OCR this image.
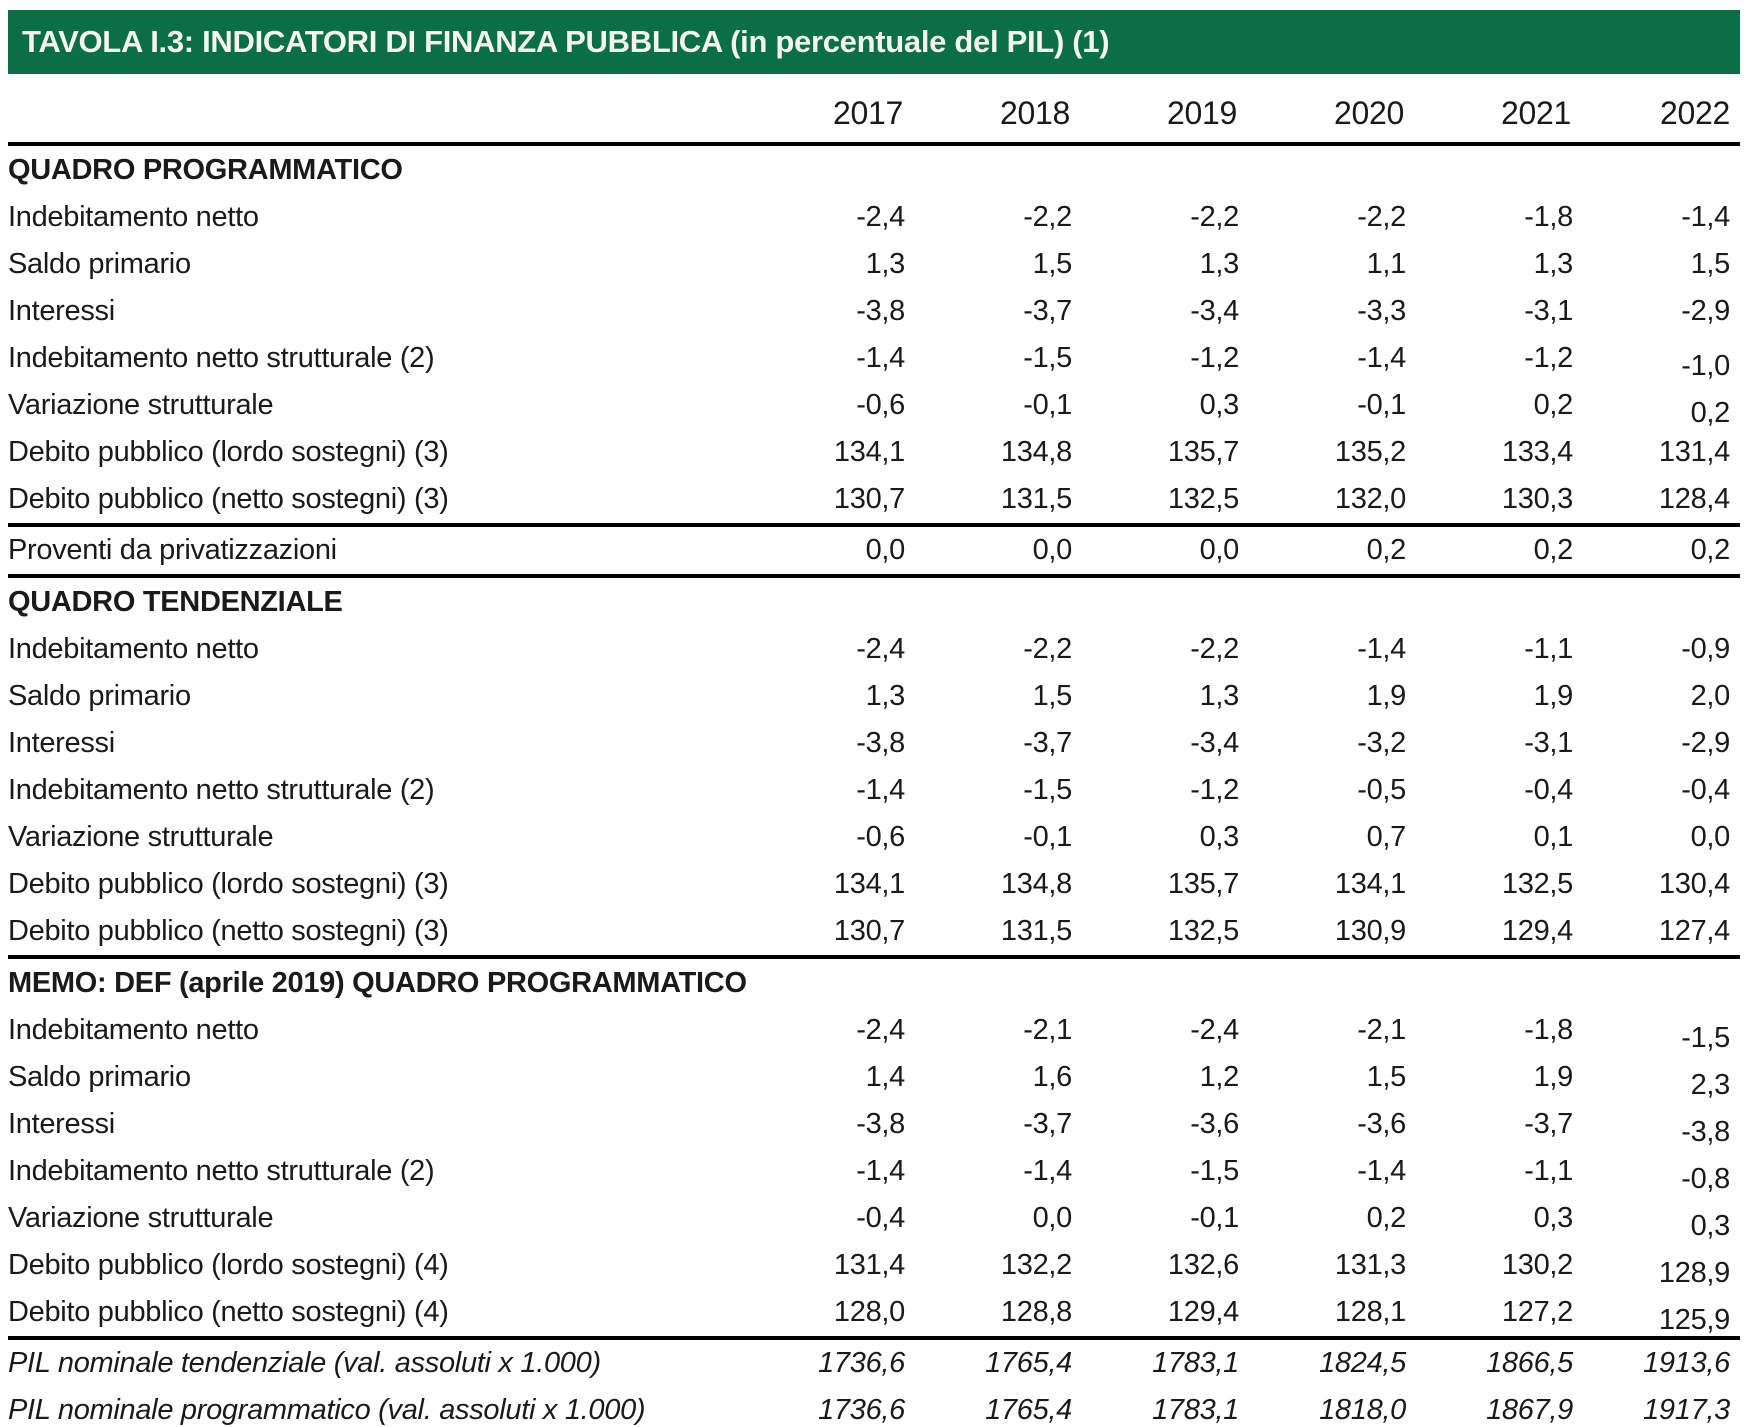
TAVOLA I.3: INDICATORI DI FINANZA PUBBLICA (in percentuale del PIL) (1)
	2017	2018	2019	2020	2021	2022
QUADRO PROGRAMMATICO						
Indebitamento netto	-2,4	-2,2	-2,2	-2,2	-1,8	-1,4
Saldo primario	1,3	1,5	1,3	1,1	1,3	1,5
Interessi	-3,8	-3,7	-3,4	-3,3	-3,1	-2,9
Indebitamento netto strutturale (2)	-1,4	-1,5	-1,2	-1,4	-1,2	-1,0
Variazione strutturale	-0,6	-0,1	0,3	-0,1	0,2	0,2
Debito pubblico (lordo sostegni) (3)	134,1	134,8	135,7	135,2	133,4	131,4
Debito pubblico (netto sostegni) (3)	130,7	131,5	132,5	132,0	130,3	128,4
Proventi da privatizzazioni	0,0	0,0	0,0	0,2	0,2	0,2
QUADRO TENDENZIALE						
Indebitamento netto	-2,4	-2,2	-2,2	-1,4	-1,1	-0,9
Saldo primario	1,3	1,5	1,3	1,9	1,9	2,0
Interessi	-3,8	-3,7	-3,4	-3,2	-3,1	-2,9
Indebitamento netto strutturale (2)	-1,4	-1,5	-1,2	-0,5	-0,4	-0,4
Variazione strutturale	-0,6	-0,1	0,3	0,7	0,1	0,0
Debito pubblico (lordo sostegni) (3)	134,1	134,8	135,7	134,1	132,5	130,4
Debito pubblico (netto sostegni) (3)	130,7	131,5	132,5	130,9	129,4	127,4
MEMO: DEF (aprile 2019) QUADRO PROGRAMMATICO						
Indebitamento netto	-2,4	-2,1	-2,4	-2,1	-1,8	-1,5
Saldo primario	1,4	1,6	1,2	1,5	1,9	2,3
Interessi	-3,8	-3,7	-3,6	-3,6	-3,7	-3,8
Indebitamento netto strutturale (2)	-1,4	-1,4	-1,5	-1,4	-1,1	-0,8
Variazione strutturale	-0,4	0,0	-0,1	0,2	0,3	0,3
Debito pubblico (lordo sostegni) (4)	131,4	132,2	132,6	131,3	130,2	128,9
Debito pubblico (netto sostegni) (4)	128,0	128,8	129,4	128,1	127,2	125,9
PIL nominale tendenziale (val. assoluti x 1.000)	1736,6	1765,4	1783,1	1824,5	1866,5	1913,6
PIL nominale programmatico (val. assoluti x 1.000)	1736,6	1765,4	1783,1	1818,0	1867,9	1917,3
